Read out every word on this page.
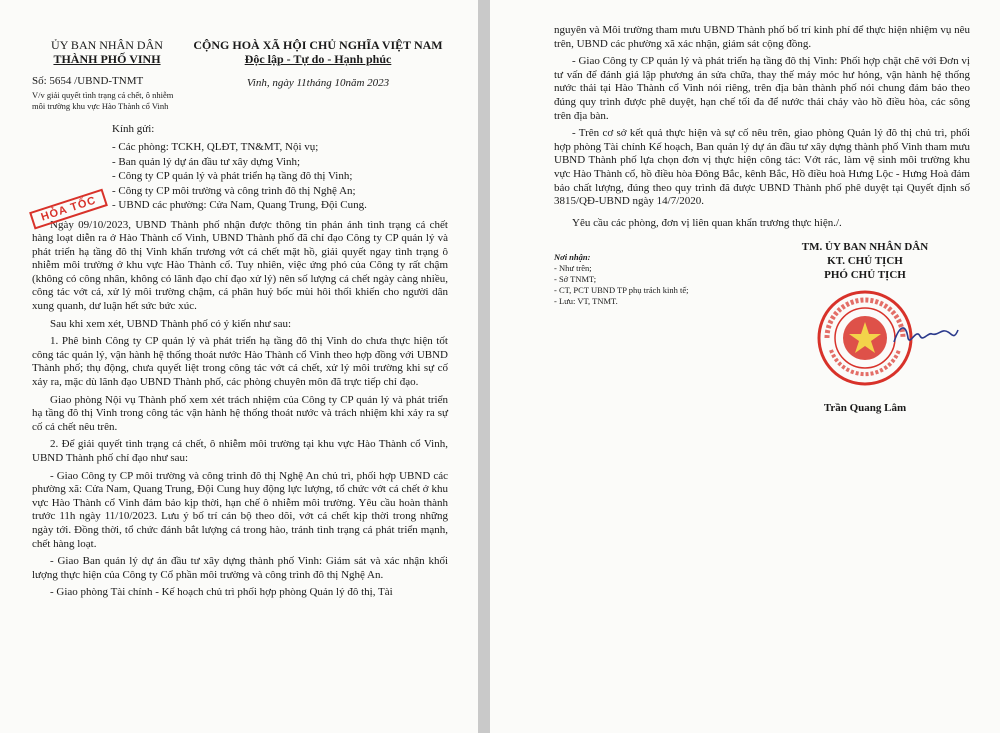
ỦY BAN NHÂN DÂN
THÀNH PHỐ VINH
Số: 5654 /UBND-TNMT
V/v giải quyết tình trạng cá chết, ô nhiễm môi trường khu vực Hào Thành cổ Vinh
CỘNG HOÀ XÃ HỘI CHỦ NGHĨA VIỆT NAM
Độc lập - Tự do - Hạnh phúc
Vinh, ngày 11tháng 10năm 2023
HỎA TỐC
Kính gửi:
- Các phòng: TCKH, QLĐT, TN&MT, Nội vụ;
- Ban quản lý dự án đầu tư xây dựng Vinh;
- Công ty CP quản lý và phát triển hạ tầng đô thị Vinh;
- Công ty CP môi trường và công trình đô thị Nghệ An;
- UBND các phường: Cửa Nam, Quang Trung, Đội Cung.

Ngày 09/10/2023, UBND Thành phố nhận được thông tin phản ánh tình trạng cá chết hàng loạt diễn ra ở Hào Thành cổ Vinh, UBND Thành phố đã chỉ đạo Công ty CP quản lý và phát triển hạ tầng đô thị Vinh khẩn trương vớt cá chết mặt hồ, giải quyết ngay tình trạng ô nhiễm môi trường ở khu vực Hào Thành cổ. Tuy nhiên, việc ứng phó của Công ty rất chậm (không có công nhân, không có lãnh đạo chỉ đạo xử lý) nên số lượng cá chết ngày càng nhiều, công tác vớt cá, xử lý môi trường chậm, cá phân huỷ bốc mùi hôi thối khiến cho người dân xung quanh, dư luận hết sức bức xúc.

Sau khi xem xét, UBND Thành phố có ý kiến như sau:

1. Phê bình Công ty CP quản lý và phát triển hạ tầng đô thị Vinh do chưa thực hiện tốt công tác quản lý, vận hành hệ thống thoát nước Hào Thành cổ Vinh theo hợp đồng với UBND Thành phố; thụ động, chưa quyết liệt trong công tác vớt cá chết, xử lý môi trường khi sự cố xảy ra, mặc dù lãnh đạo UBND Thành phố, các phòng chuyên môn đã trực tiếp chỉ đạo.

Giao phòng Nội vụ Thành phố xem xét trách nhiệm của Công ty CP quản lý và phát triển hạ tầng đô thị Vinh trong công tác vận hành hệ thống thoát nước và trách nhiệm khi xảy ra sự cố cá chết nêu trên.

2. Để giải quyết tình trạng cá chết, ô nhiễm môi trường tại khu vực Hào Thành cổ Vinh, UBND Thành phố chỉ đạo như sau:

- Giao Công ty CP môi trường và công trình đô thị Nghệ An chủ trì, phối hợp UBND các phường xã: Cửa Nam, Quang Trung, Đội Cung huy động lực lượng, tổ chức vớt cá chết ở khu vực Hào Thành cổ Vinh đảm bảo kịp thời, hạn chế ô nhiễm môi trường. Yêu cầu hoàn thành trước 11h ngày 11/10/2023. Lưu ý bố trí cán bộ theo dõi, vớt cá chết kịp thời trong những ngày tới. Đồng thời, tổ chức đánh bắt lượng cá trong hào, tránh tình trạng cá phát triển mạnh, chết hàng loạt.

- Giao Ban quản lý dự án đầu tư xây dựng thành phố Vinh: Giám sát và xác nhận khối lượng thực hiện của Công ty Cổ phần môi trường và công trình đô thị Nghệ An.

- Giao phòng Tài chính - Kế hoạch chủ trì phối hợp phòng Quản lý đô thị, Tài

nguyên và Môi trường tham mưu UBND Thành phố bố trí kinh phí để thực hiện nhiệm vụ nêu trên, UBND các phường xã xác nhận, giám sát cộng đồng.

- Giao Công ty CP quản lý và phát triển hạ tầng đô thị Vinh: Phối hợp chặt chẽ với Đơn vị tư vấn để đánh giá lập phương án sửa chữa, thay thế máy móc hư hỏng, vận hành hệ thống nước thải tại Hào Thành cổ Vinh nói riêng, trên địa bàn thành phố nói chung đảm bảo theo đúng quy trình được phê duyệt, hạn chế tối đa để nước thải chảy vào hồ điều hòa, các sông trên địa bàn.

- Trên cơ sở kết quả thực hiện và sự cố nêu trên, giao phòng Quản lý đô thị chủ trì, phối hợp phòng Tài chính Kế hoạch, Ban quản lý dự án đầu tư xây dựng thành phố Vinh tham mưu UBND Thành phố lựa chọn đơn vị thực hiện công tác: Vớt rác, làm vệ sinh môi trường khu vực Hào Thành cổ, hồ điều hòa Đông Bắc, kênh Bắc, Hồ điều hoà Hưng Lộc - Hưng Hoà đảm bảo chất lượng, đúng theo quy trình đã được UBND Thành phố phê duyệt tại Quyết định số 3815/QĐ-UBND ngày 14/7/2020.

Yêu cầu các phòng, đơn vị liên quan khẩn trương thực hiện./.

Nơi nhận:
- Như trên;
- Sở TNMT;
- CT, PCT UBND TP phụ trách kinh tế;
- Lưu: VT, TNMT.
TM. ỦY BAN NHÂN DÂN
KT. CHỦ TỊCH
PHÓ CHỦ TỊCH
Trần Quang Lâm
